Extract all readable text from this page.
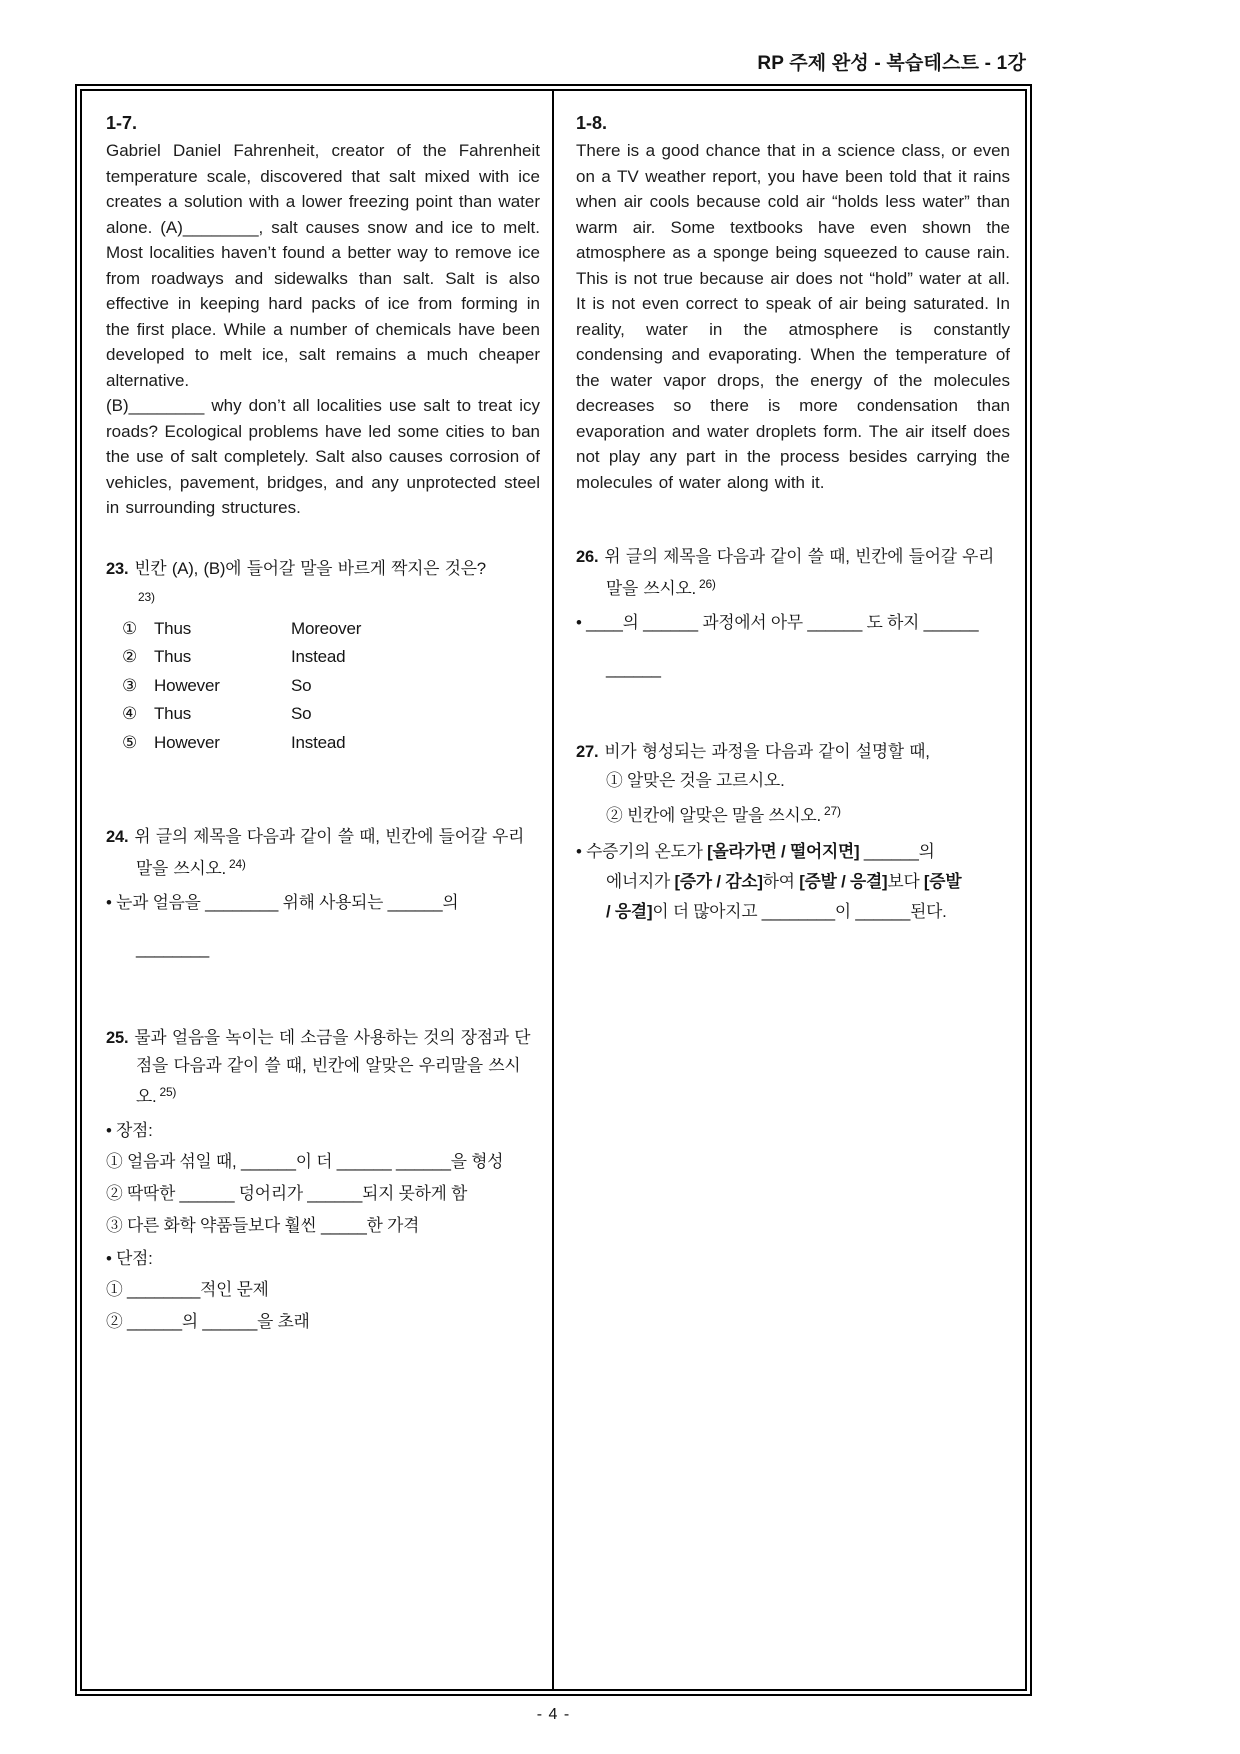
RP 주제 완성 - 복습테스트 - 1강
1-7.

Gabriel Daniel Fahrenheit, creator of the Fahrenheit temperature scale, discovered that salt mixed with ice creates a solution with a lower freezing point than water alone. (A)________, salt causes snow and ice to melt. Most localities haven’t found a better way to remove ice from roadways and sidewalks than salt. Salt is also effective in keeping hard packs of ice from forming in the first place. While a number of chemicals have been developed to melt ice, salt remains a much cheaper alternative.

(B)________ why don’t all localities use salt to treat icy roads? Ecological problems have led some cities to ban the use of salt completely. Salt also causes corrosion of vehicles, pavement, bridges, and any unprotected steel in surrounding structures.

23. 빈칸 (A), (B)에 들어갈 말을 바르게 짝지은 것은?
23)
① Thus	Moreover
② Thus	Instead
③ However	So
④ Thus	So
⑤ However	Instead
24. 위 글의 제목을 다음과 같이 쓸 때, 빈칸에 들어갈 우리말을 쓰시오. $^{24)}$
• 눈과 얼음을 ________ 위해 사용되는 ______의
________
25. 물과 얼음을 녹이는 데 소금을 사용하는 것의 장점과 단점을 다음과 같이 쓸 때, 빈칸에 알맞은 우리말을 쓰시오. $^{25)}$
• 장점:
① 얼음과 섞일 때, ______이 더 ______ ______을 형성
② 딱딱한 ______ 덩어리가 ______되지 못하게 함
③ 다른 화학 약품들보다 훨씬 _____한 가격
• 단점:
① ________적인 문제
② ______의 ______을 초래
1-8.

There is a good chance that in a science class, or even on a TV weather report, you have been told that it rains when air cools because cold air “holds less water” than warm air. Some textbooks have even shown the atmosphere as a sponge being squeezed to cause rain. This is not true because air does not “hold” water at all. It is not even correct to speak of air being saturated. In reality, water in the atmosphere is constantly condensing and evaporating. When the temperature of the water vapor drops, the energy of the molecules decreases so there is more condensation than evaporation and water droplets form. The air itself does not play any part in the process besides carrying the molecules of water along with it.

26. 위 글의 제목을 다음과 같이 쓸 때, 빈칸에 들어갈 우리말을 쓰시오. $^{26)}$
• ____의 ______ 과정에서 아무 ______ 도 하지 ______
______
27. 비가 형성되는 과정을 다음과 같이 설명할 때,
① 알맞은 것을 고르시오.
② 빈칸에 알맞은 말을 쓰시오. $^{27)}$
• 수증기의 온도가 [올라가면 / 떨어지면] ______의
에너지가 [증가 / 감소]하여 [증발 / 응결]보다 [증발
/ 응결]이 더 많아지고 ________이 ______된다.
- 4 -
